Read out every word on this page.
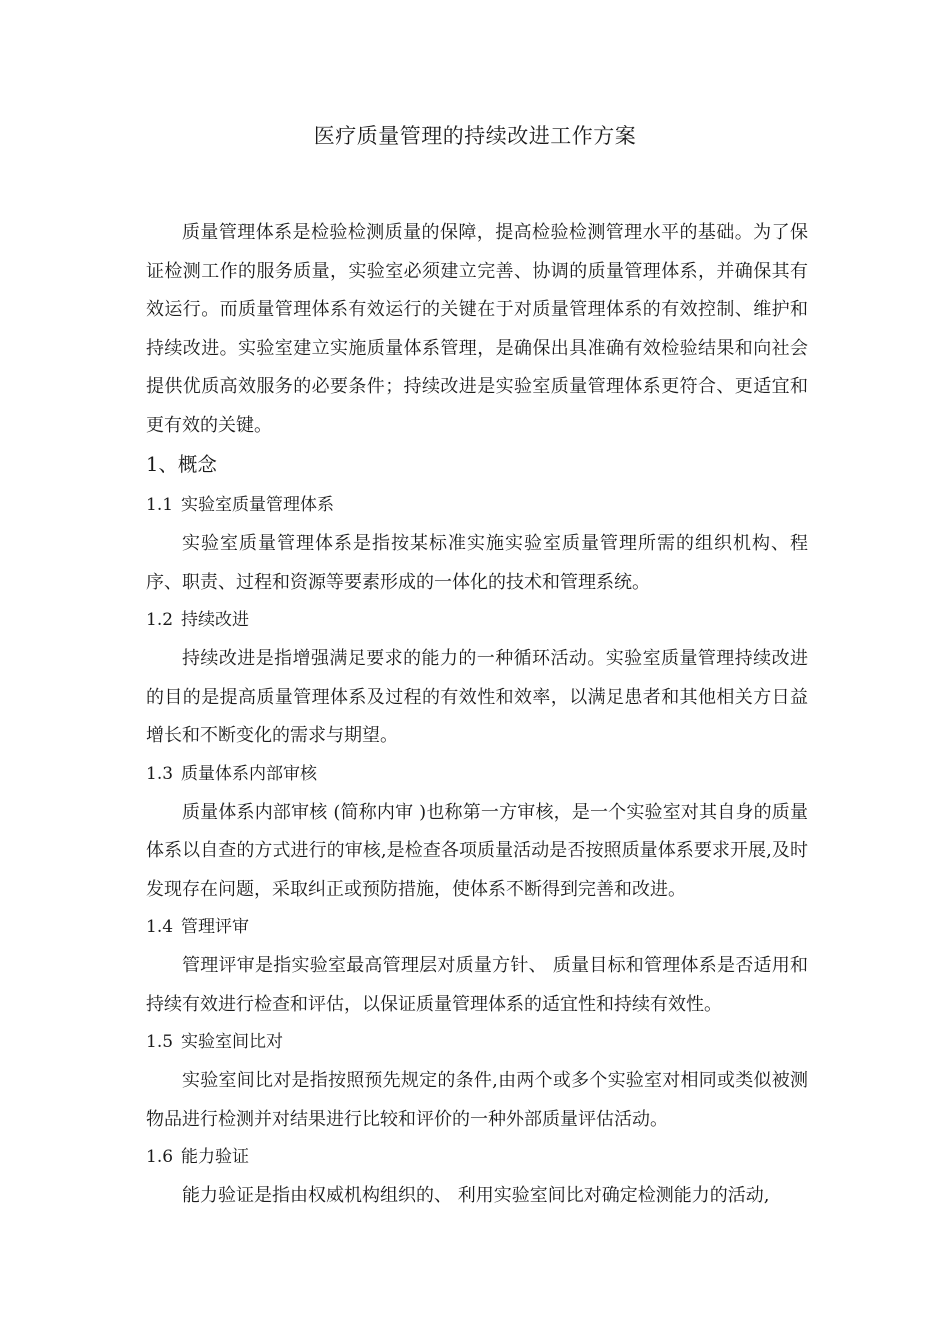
医疗质量管理的持续改进工作方案

质量管理体系是检验检测质量的保障，提高检验检测管理水平的基础。为了保证检测工作的服务质量，实验室必须建立完善、协调的质量管理体系，并确保其有效运行。而质量管理体系有效运行的关键在于对质量管理体系的有效控制、维护和持续改进。实验室建立实施质量体系管理，是确保出具准确有效检验结果和向社会提供优质高效服务的必要条件；持续改进是实验室质量管理体系更符合、更适宜和更有效的关键。

1、概念
1.1 实验室质量管理体系

实验室质量管理体系是指按某标准实施实验室质量管理所需的组织机构、程序、职责、过程和资源等要素形成的一体化的技术和管理系统。

1.2 持续改进

持续改进是指增强满足要求的能力的一种循环活动。实验室质量管理持续改进的目的是提高质量管理体系及过程的有效性和效率，以满足患者和其他相关方日益增长和不断变化的需求与期望。

1.3 质量体系内部审核

质量体系内部审核 (简称内审 )也称第一方审核，是一个实验室对其自身的质量体系以自查的方式进行的审核,是检查各项质量活动是否按照质量体系要求开展,及时发现存在问题，采取纠正或预防措施，使体系不断得到完善和改进。

1.4 管理评审

管理评审是指实验室最高管理层对质量方针、 质量目标和管理体系是否适用和持续有效进行检查和评估，以保证质量管理体系的适宜性和持续有效性。

1.5 实验室间比对

实验室间比对是指按照预先规定的条件,由两个或多个实验室对相同或类似被测物品进行检测并对结果进行比较和评价的一种外部质量评估活动。

1.6 能力验证

能力验证是指由权威机构组织的、 利用实验室间比对确定检测能力的活动,
